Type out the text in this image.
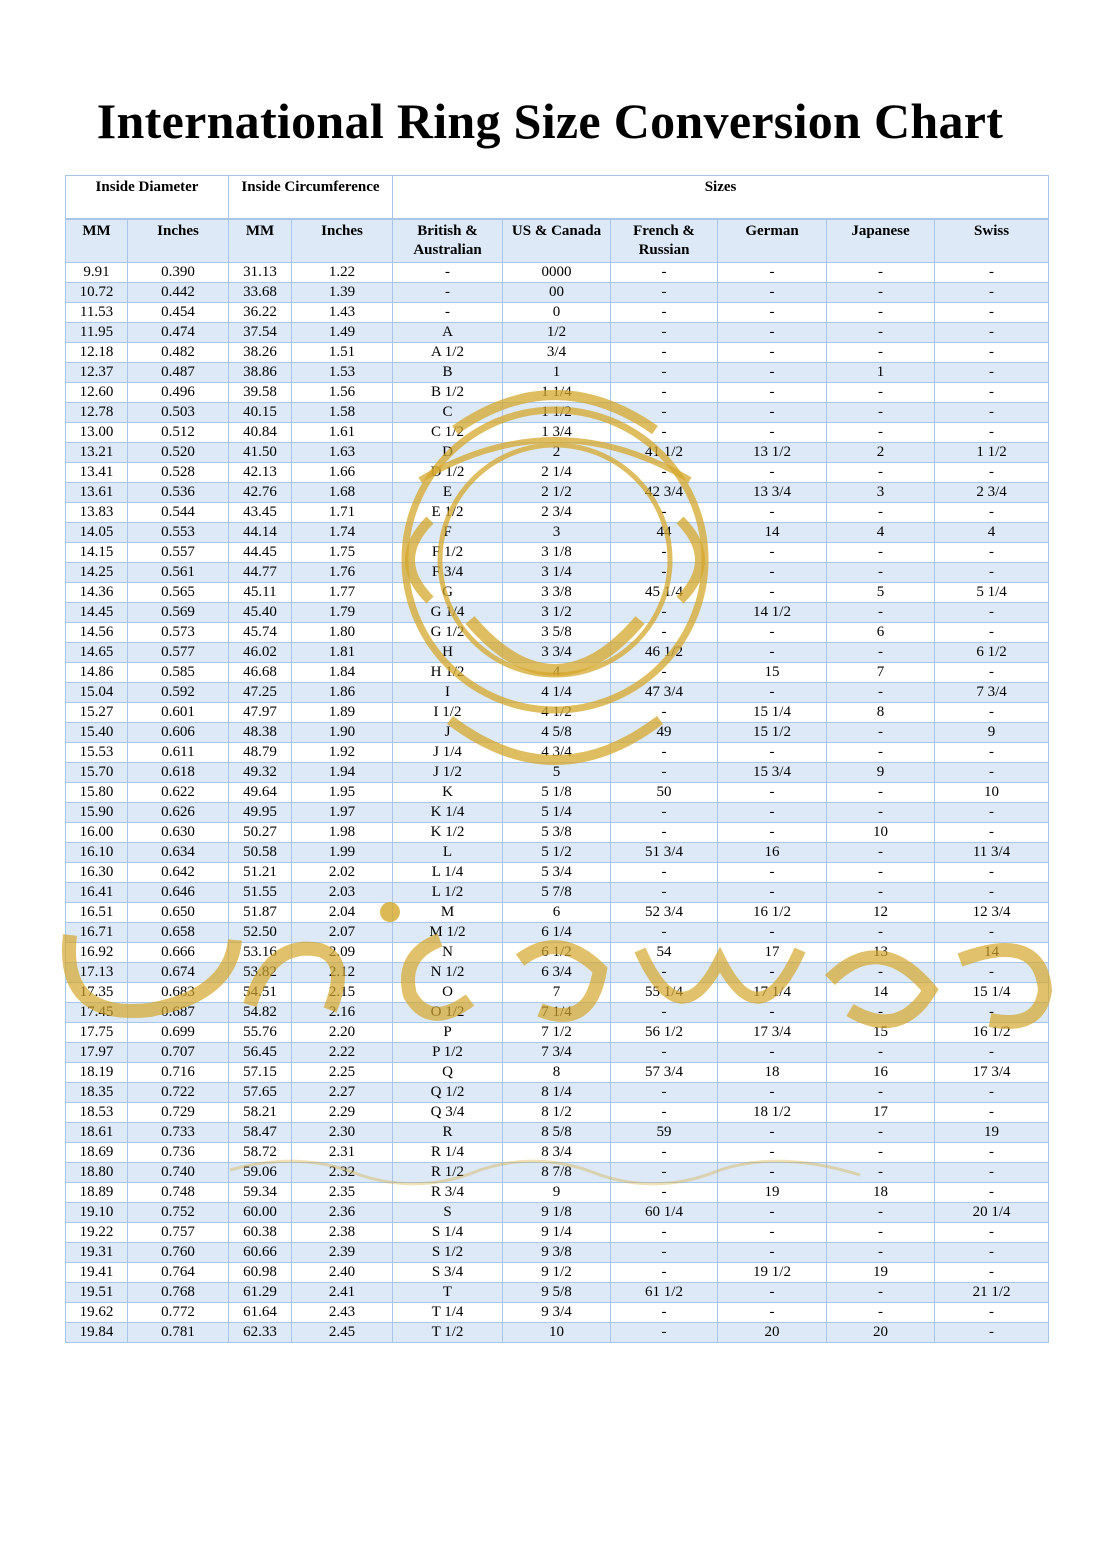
International Ring Size Conversion Chart
Inside Diameter		Inside Circumference		Sizes					
MM	Inches	MM	Inches	British & Australian	US & Canada	French & Russian	German	Japanese	Swiss
9.91	0.390	31.13	1.22	-	0000	-	-	-	-
10.72	0.442	33.68	1.39	-	00	-	-	-	-
11.53	0.454	36.22	1.43	-	0	-	-	-	-
11.95	0.474	37.54	1.49	A	1/2	-	-	-	-
12.18	0.482	38.26	1.51	A 1/2	3/4	-	-	-	-
12.37	0.487	38.86	1.53	B	1	-	-	1	-
12.60	0.496	39.58	1.56	B 1/2	1 1/4	-	-	-	-
12.78	0.503	40.15	1.58	C	1 1/2	-	-	-	-
13.00	0.512	40.84	1.61	C 1/2	1 3/4	-	-	-	-
13.21	0.520	41.50	1.63	D	2	41 1/2	13 1/2	2	1 1/2
13.41	0.528	42.13	1.66	D 1/2	2 1/4	-	-	-	-
13.61	0.536	42.76	1.68	E	2 1/2	42 3/4	13 3/4	3	2 3/4
13.83	0.544	43.45	1.71	E 1/2	2 3/4	-	-	-	-
14.05	0.553	44.14	1.74	F	3	44	14	4	4
14.15	0.557	44.45	1.75	F 1/2	3 1/8	-	-	-	-
14.25	0.561	44.77	1.76	F 3/4	3 1/4	-	-	-	-
14.36	0.565	45.11	1.77	G	3 3/8	45 1/4	-	5	5 1/4
14.45	0.569	45.40	1.79	G 1/4	3 1/2	-	14 1/2	-	-
14.56	0.573	45.74	1.80	G 1/2	3 5/8	-	-	6	-
14.65	0.577	46.02	1.81	H	3 3/4	46 1/2	-	-	6 1/2
14.86	0.585	46.68	1.84	H 1/2	4	-	15	7	-
15.04	0.592	47.25	1.86	I	4 1/4	47 3/4	-	-	7 3/4
15.27	0.601	47.97	1.89	I 1/2	4 1/2	-	15 1/4	8	-
15.40	0.606	48.38	1.90	J	4 5/8	49	15 1/2	-	9
15.53	0.611	48.79	1.92	J 1/4	4 3/4	-	-	-	-
15.70	0.618	49.32	1.94	J 1/2	5	-	15 3/4	9	-
15.80	0.622	49.64	1.95	K	5 1/8	50	-	-	10
15.90	0.626	49.95	1.97	K 1/4	5 1/4	-	-	-	-
16.00	0.630	50.27	1.98	K 1/2	5 3/8	-	-	10	-
16.10	0.634	50.58	1.99	L	5 1/2	51 3/4	16	-	11 3/4
16.30	0.642	51.21	2.02	L 1/4	5 3/4	-	-	-	-
16.41	0.646	51.55	2.03	L 1/2	5 7/8	-	-	-	-
16.51	0.650	51.87	2.04	M	6	52 3/4	16 1/2	12	12 3/4
16.71	0.658	52.50	2.07	M 1/2	6 1/4	-	-	-	-
16.92	0.666	53.16	2.09	N	6 1/2	54	17	13	14
17.13	0.674	53.82	2.12	N 1/2	6 3/4	-	-	-	-
17.35	0.683	54.51	2.15	O	7	55 1/4	17 1/4	14	15 1/4
17.45	0.687	54.82	2.16	O 1/2	7 1/4	-	-	-	-
17.75	0.699	55.76	2.20	P	7 1/2	56 1/2	17 3/4	15	16 1/2
17.97	0.707	56.45	2.22	P 1/2	7 3/4	-	-	-	-
18.19	0.716	57.15	2.25	Q	8	57 3/4	18	16	17 3/4
18.35	0.722	57.65	2.27	Q 1/2	8 1/4	-	-	-	-
18.53	0.729	58.21	2.29	Q 3/4	8 1/2	-	18 1/2	17	-
18.61	0.733	58.47	2.30	R	8 5/8	59	-	-	19
18.69	0.736	58.72	2.31	R 1/4	8 3/4	-	-	-	-
18.80	0.740	59.06	2.32	R 1/2	8 7/8	-	-	-	-
18.89	0.748	59.34	2.35	R 3/4	9	-	19	18	-
19.10	0.752	60.00	2.36	S	9 1/8	60 1/4	-	-	20 1/4
19.22	0.757	60.38	2.38	S 1/4	9 1/4	-	-	-	-
19.31	0.760	60.66	2.39	S 1/2	9 3/8	-	-	-	-
19.41	0.764	60.98	2.40	S 3/4	9 1/2	-	19 1/2	19	-
19.51	0.768	61.29	2.41	T	9 5/8	61 1/2	-	-	21 1/2
19.62	0.772	61.64	2.43	T 1/4	9 3/4	-	-	-	-
19.84	0.781	62.33	2.45	T 1/2	10	-	20	20	-
